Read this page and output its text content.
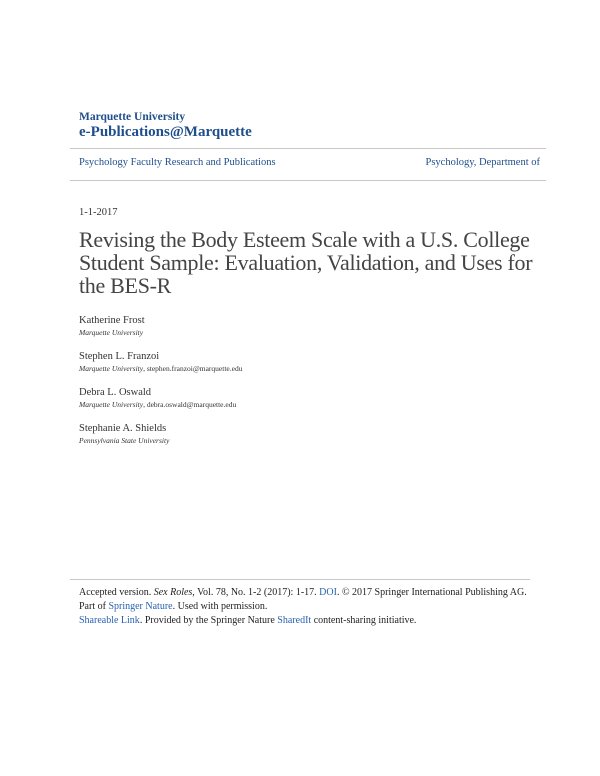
Marquette University
e-Publications@Marquette
Psychology Faculty Research and Publications	Psychology, Department of
1-1-2017
Revising the Body Esteem Scale with a U.S. College Student Sample: Evaluation, Validation, and Uses for the BES-R
Katherine Frost
Marquette University
Stephen L. Franzoi
Marquette University, stephen.franzoi@marquette.edu
Debra L. Oswald
Marquette University, debra.oswald@marquette.edu
Stephanie A. Shields
Pennsylvania State University
Accepted version. Sex Roles, Vol. 78, No. 1-2 (2017): 1-17. DOI. © 2017 Springer International Publishing AG. Part of Springer Nature. Used with permission.
Shareable Link. Provided by the Springer Nature SharedIt content-sharing initiative.
